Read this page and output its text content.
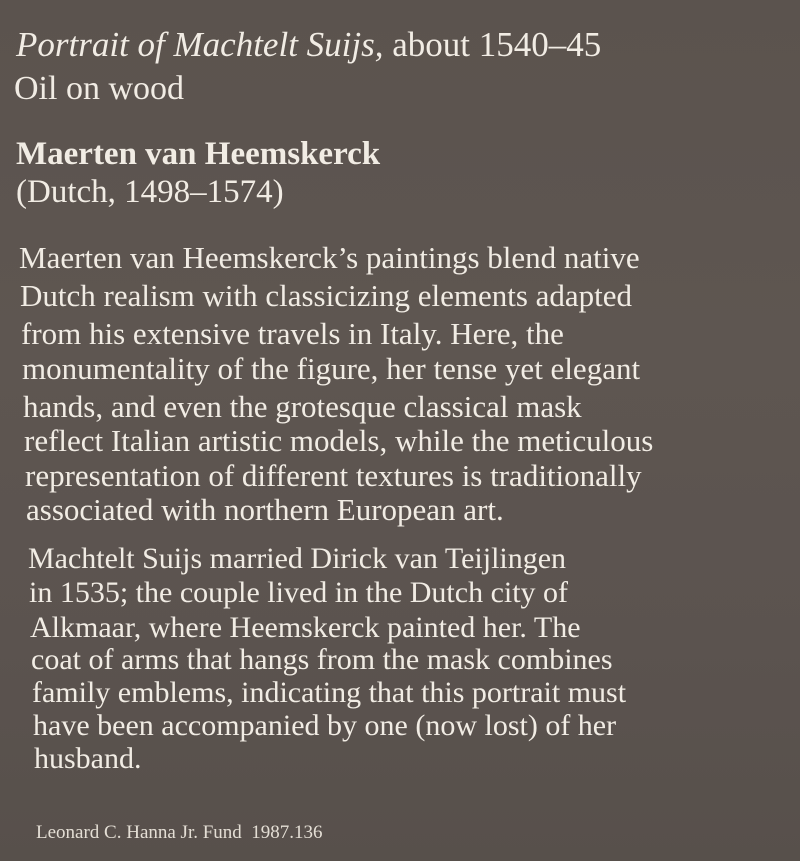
Portrait of Machtelt Suijs, about 1540–45
Oil on wood
Maerten van Heemskerck
(Dutch, 1498–1574)
Maerten van Heemskerck’s paintings blend native
Dutch realism with classicizing elements adapted
from his extensive travels in Italy. Here, the
monumentality of the figure, her tense yet elegant
hands, and even the grotesque classical mask
reflect Italian artistic models, while the meticulous
representation of different textures is traditionally
associated with northern European art.
Machtelt Suijs married Dirick van Teijlingen
in 1535; the couple lived in the Dutch city of
Alkmaar, where Heemskerck painted her. The
coat of arms that hangs from the mask combines
family emblems, indicating that this portrait must
have been accompanied by one (now lost) of her
husband.
Leonard C. Hanna Jr. Fund  1987.136
